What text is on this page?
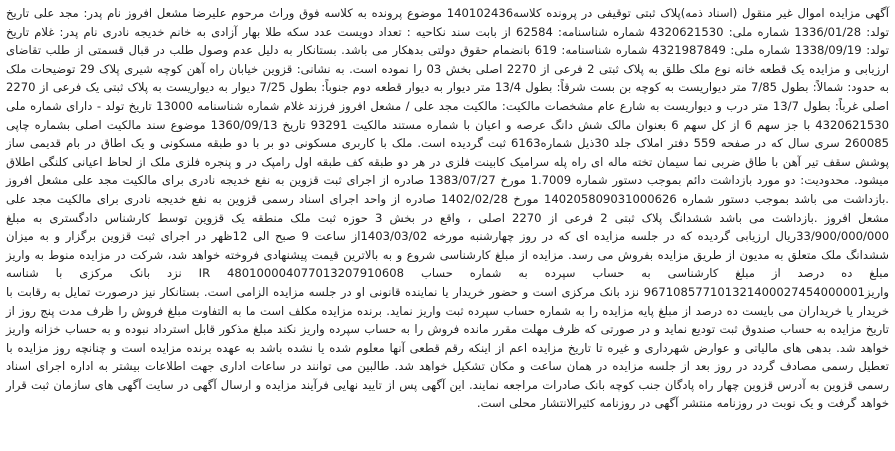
آگهی مزایده اموال غیر منقول (اسناد ذمه)پلاک ثبتی توقیفی در پرونده کلاسه140102436 موضوع پرونده به کلاسه فوق وراث مرحوم علیرضا مشعل افروز نام پدر: مجد علی تاریخ تولد: 1336/01/28 شماره ملی: 4320621530 شماره شناسنامه: 62584 از بابت سند نکاحیه : تعداد دویست عدد سکه طلا بهار آزادی به خانم خدیجه نادری نام پدر: غلام تاریخ تولد: 1338/09/19 شماره ملی: 4321987849 شماره شناسنامه: 619 بانضمام حقوق دولتی بدهکار می باشد. بستانکار به دلیل عدم وصول طلب در قبال قسمتی از طلب تقاضای ارزیابی و مزایده یک قطعه خانه نوع ملک طلق به پلاک ثبتی 2 فرعی از 2270 اصلی بخش 03 را نموده است. به نشانی: قزوین خیابان راه آهن کوچه شیری پلاک 29 توضیحات ملک به حدود: شمالاً: بطول 7/85 متر دیواریست به کوچه بن بست شرقاً: بطول 13/4 متر دیوار به دیوار قطعه دوم جنوباً: بطول 7/25 دیوار به دیواریست به پلاک ثبتی یک فرعی از 2270 اصلی غرباً: بطول 13/7 متر درب و دیواریست به شارع عام مشخصات مالکیت: مالکیت مجد علی / مشعل افروز فرزند غلام شماره شناسنامه 13000 تاریخ تولد - دارای شماره ملی 4320621530 با جز سهم 6 از کل سهم 6 بعنوان مالک شش دانگ عرصه و اعیان با شماره مستند مالکیت 93291 تاریخ 1360/09/13 موضوع سند مالکیت اصلی بشماره چاپی 260085 سری سال که در صفحه 559 دفتر املاک جلد 30ذیل شماره6163 ثبت گردیده است. ملک با کاربری مسکونی دو بر با دو طبقه مسکونی و یک اطاق در بام قدیمی ساز پوشش سقف تیر آهن با طاق ضربی نما سیمان تخته ماله ای راه پله سرامیک کابینت فلزی در هر دو طبقه کف طبقه اول رامپک در و پنجره فلزی ملک از لحاظ اعیانی کلنگی اطلاق میشود. محدودیت: دو مورد بازداشت دائم بموجب دستور شماره 1.7009 مورخ 1383/07/27 صادره از اجرای ثبت قزوین به نفع خدیجه نادری برای مالکیت مجد علی مشعل افروز .بازداشت می باشد بموجب دستور شماره 140205809031000626 مورخ 1402/02/28 صادره از واحد اجرای اسناد رسمی قزوین به نفع خدیجه نادری برای مالکیت مجد علی مشعل افروز .بازداشت می باشد ششدانگ پلاک ثبتی 2 فرعی از 2270 اصلی ، واقع در بخش 3 حوزه ثبت ملک منطقه یک قزوین توسط کارشناس دادگستری به مبلغ 33/900/000/000ریال ارزیابی گردیده که در جلسه مزایده ای که در روز چهارشنبه مورخه 1403/03/02از ساعت 9 صبح الی 12ظهر در اجرای ثبت قزوین برگزار و به میزان ششدانگ ملک متعلق به مدیون از طریق مزایده بفروش می رسد. مزایده از مبلغ کارشناسی شروع و به بالاترین قیمت پیشنهادی فروخته خواهد شد، شرکت در مزایده منوط به واریز مبلغ ده درصد از مبلغ کارشناسی به حساب سپرده به شماره حساب IR 480100004077013207910608 نزد بانک مرکزی با شناسه واریز967108577101321400027454000001 نزد بانک مرکزی است و حضور خریدار یا نماینده قانونی او در جلسه مزایده الزامی است. بستانکار نیز درصورت تمایل به رقابت با خریدار یا خریداران می بایست ده درصد از مبلغ پایه مزایده را به شماره حساب سپرده ثبت واریز نماید. برنده مزایده مکلف است ما به التفاوت مبلغ فروش را ظرف مدت پنج روز از تاریخ مزایده به حساب صندوق ثبت تودیع نماید و در صورتی که ظرف مهلت مقرر مانده فروش را به حساب سپرده واریز نکند مبلغ مذکور قابل استرداد نبوده و به حساب خزانه واریز خواهد شد. بدهی های مالیاتی و عوارض شهرداری و غیره تا تاریخ مزایده اعم از اینکه رقم قطعی آنها معلوم شده یا نشده باشد به عهده برنده مزایده است و چنانچه روز مزایده با تعطیل رسمی مصادف گردد در روز بعد از جلسه مزایده در همان ساعت و مکان تشکیل خواهد شد. طالبین می توانند در ساعات اداری جهت اطلاعات بیشتر به اداره اجرای اسناد رسمی قزوین به آدرس قزوین چهار راه پادگان جنب کوچه بانک صادرات مراجعه نمایند. این آگهی پس از تایید نهایی فرآیند مزایده و ارسال آگهی در سایت آگهی های سازمان ثبت قرار خواهد گرفت و یک نوبت در روزنامه منتشر آگهی در روزنامه کثیرالانتشار محلی است.
